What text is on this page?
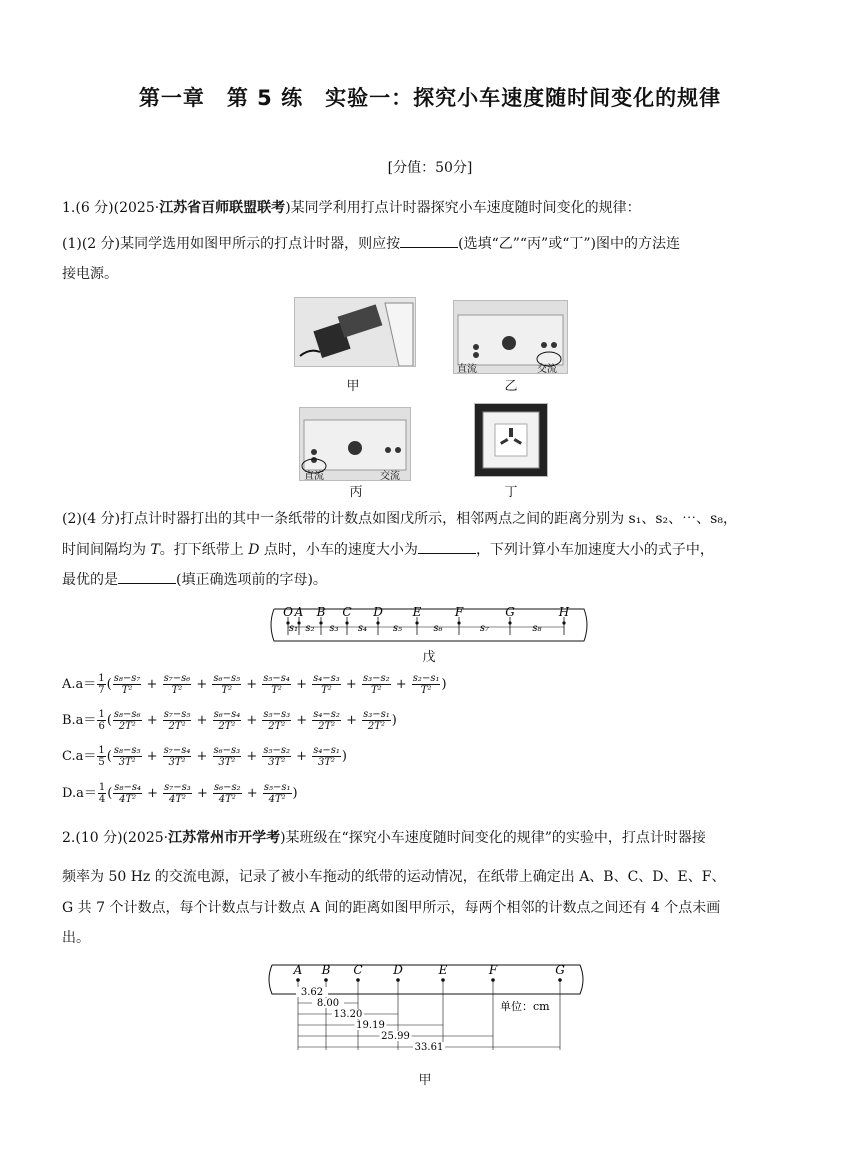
第一章　第 5 练　实验一：探究小车速度随时间变化的规律
[分值：50分]
1.(6 分)(2025·江苏省百师联盟联考)某同学利用打点计时器探究小车速度随时间变化的规律：
(1)(2 分)某同学选用如图甲所示的打点计时器，则应按	(选填“乙”“丙”或“丁”)图中的方法连
接电源。
甲
直流	交流
乙
直流	交流
丙	丁
(2)(4 分)打点计时器打出的其中一条纸带的计数点如图戊所示，相邻两点之间的距离分别为 s₁、s₂、⋯、s₈，
时间间隔均为 T。打下纸带上 D 点时，小车的速度大小为	，下列计算小车加速度大小的式子中，
最优的是	(填正确选项前的字母)。
O A B C D E	F	G	H
s₁ s₂ s₃ s₄	s₅	s₆	s₇	s₈
戊
$A.a= \frac{1}{7}$ ( $\frac{\text{s₈−s₇}}{\text{T²}} + \frac{\text{s₇−s₆}}{\text{T²}} + \frac{\text{s₆−s₅}}{\text{T²}} + \frac{\text{s₅−s₄}}{\text{T²}} + \frac{\text{s₄−s₃}}{\text{T²}} + \frac{\text{s₃−s₂}}{\text{T²}} + \frac{\text{s₂−s₁}}{\text{T²}}$ )
$B.a= \frac{1}{6}$ ( $\frac{\text{s₈−s₆}}{\text{2T²}} + \frac{\text{s₇−s₅}}{\text{2T²}} + \frac{\text{s₆−s₄}}{\text{2T²}} + \frac{\text{s₅−s₃}}{\text{2T²}} + \frac{\text{s₄−s₂}}{\text{2T²}} + \frac{\text{s₃−s₁}}{\text{2T²}}$ )
$C.a= \frac{1}{5}$ ( $\frac{\text{s₈−s₅}}{\text{3T²}} + \frac{\text{s₇−s₄}}{\text{3T²}} + \frac{\text{s₆−s₃}}{\text{3T²}} + \frac{\text{s₅−s₂}}{\text{3T²}} + \frac{\text{s₄−s₁}}{\text{3T²}}$ )
$D.a= \frac{1}{4}$ ( $\frac{\text{s₈−s₄}}{\text{4T²}} + \frac{\text{s₇−s₃}}{\text{4T²}} + \frac{\text{s₆−s₂}}{\text{4T²}} + \frac{\text{s₅−s₁}}{\text{4T²}}$ )
2.(10 分)(2025·江苏常州市开学考)某班级在“探究小车速度随时间变化的规律”的实验中，打点计时器接
频率为 50 Hz 的交流电源，记录了被小车拖动的纸带的运动情况，在纸带上确定出 A、B、C、D、E、F、
G 共 7 个计数点，每个计数点与计数点 A 间的距离如图甲所示，每两个相邻的计数点之间还有 4 个点未画
出。
A B C	D	E	F	G
3.62
8.00
13.20
19.19
25.99
33.61
单位：cm
甲
